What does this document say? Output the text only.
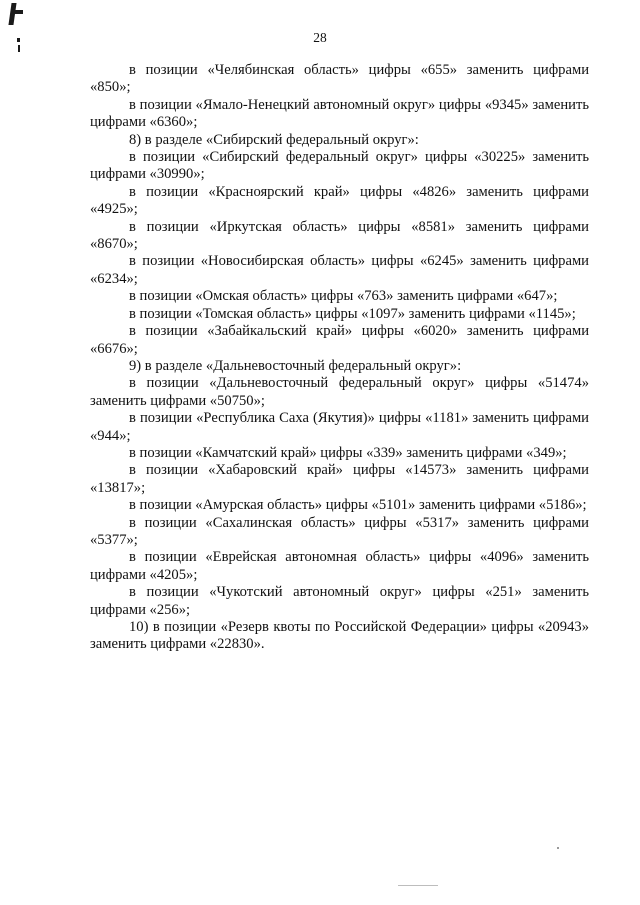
28

в позиции «Челябинская область» цифры «655» заменить цифрами «850»;

в позиции «Ямало-Ненецкий автономный округ» цифры «9345» заменить цифрами «6360»;

8) в разделе «Сибирский федеральный округ»:

в позиции «Сибирский федеральный округ» цифры «30225» заменить цифрами «30990»;

в позиции «Красноярский край» цифры «4826» заменить цифрами «4925»;

в позиции «Иркутская область» цифры «8581» заменить цифрами «8670»;

в позиции «Новосибирская область» цифры «6245» заменить цифрами «6234»;

в позиции «Омская область» цифры «763» заменить цифрами «647»;

в позиции «Томская область» цифры «1097» заменить цифрами «1145»;

в позиции «Забайкальский край» цифры «6020» заменить цифрами «6676»;

9) в разделе «Дальневосточный федеральный округ»:

в позиции «Дальневосточный федеральный округ» цифры «51474» заменить цифрами «50750»;

в позиции «Республика Саха (Якутия)» цифры «1181» заменить цифрами «944»;

в позиции «Камчатский край» цифры «339» заменить цифрами «349»;

в позиции «Хабаровский край» цифры «14573» заменить цифрами «13817»;

в позиции «Амурская область» цифры «5101» заменить цифрами «5186»;

в позиции «Сахалинская область» цифры «5317» заменить цифрами «5377»;

в позиции «Еврейская автономная область» цифры «4096» заменить цифрами «4205»;

в позиции «Чукотский автономный округ» цифры «251» заменить цифрами «256»;

10) в позиции «Резерв квоты по Российской Федерации» цифры «20943» заменить цифрами «22830».
